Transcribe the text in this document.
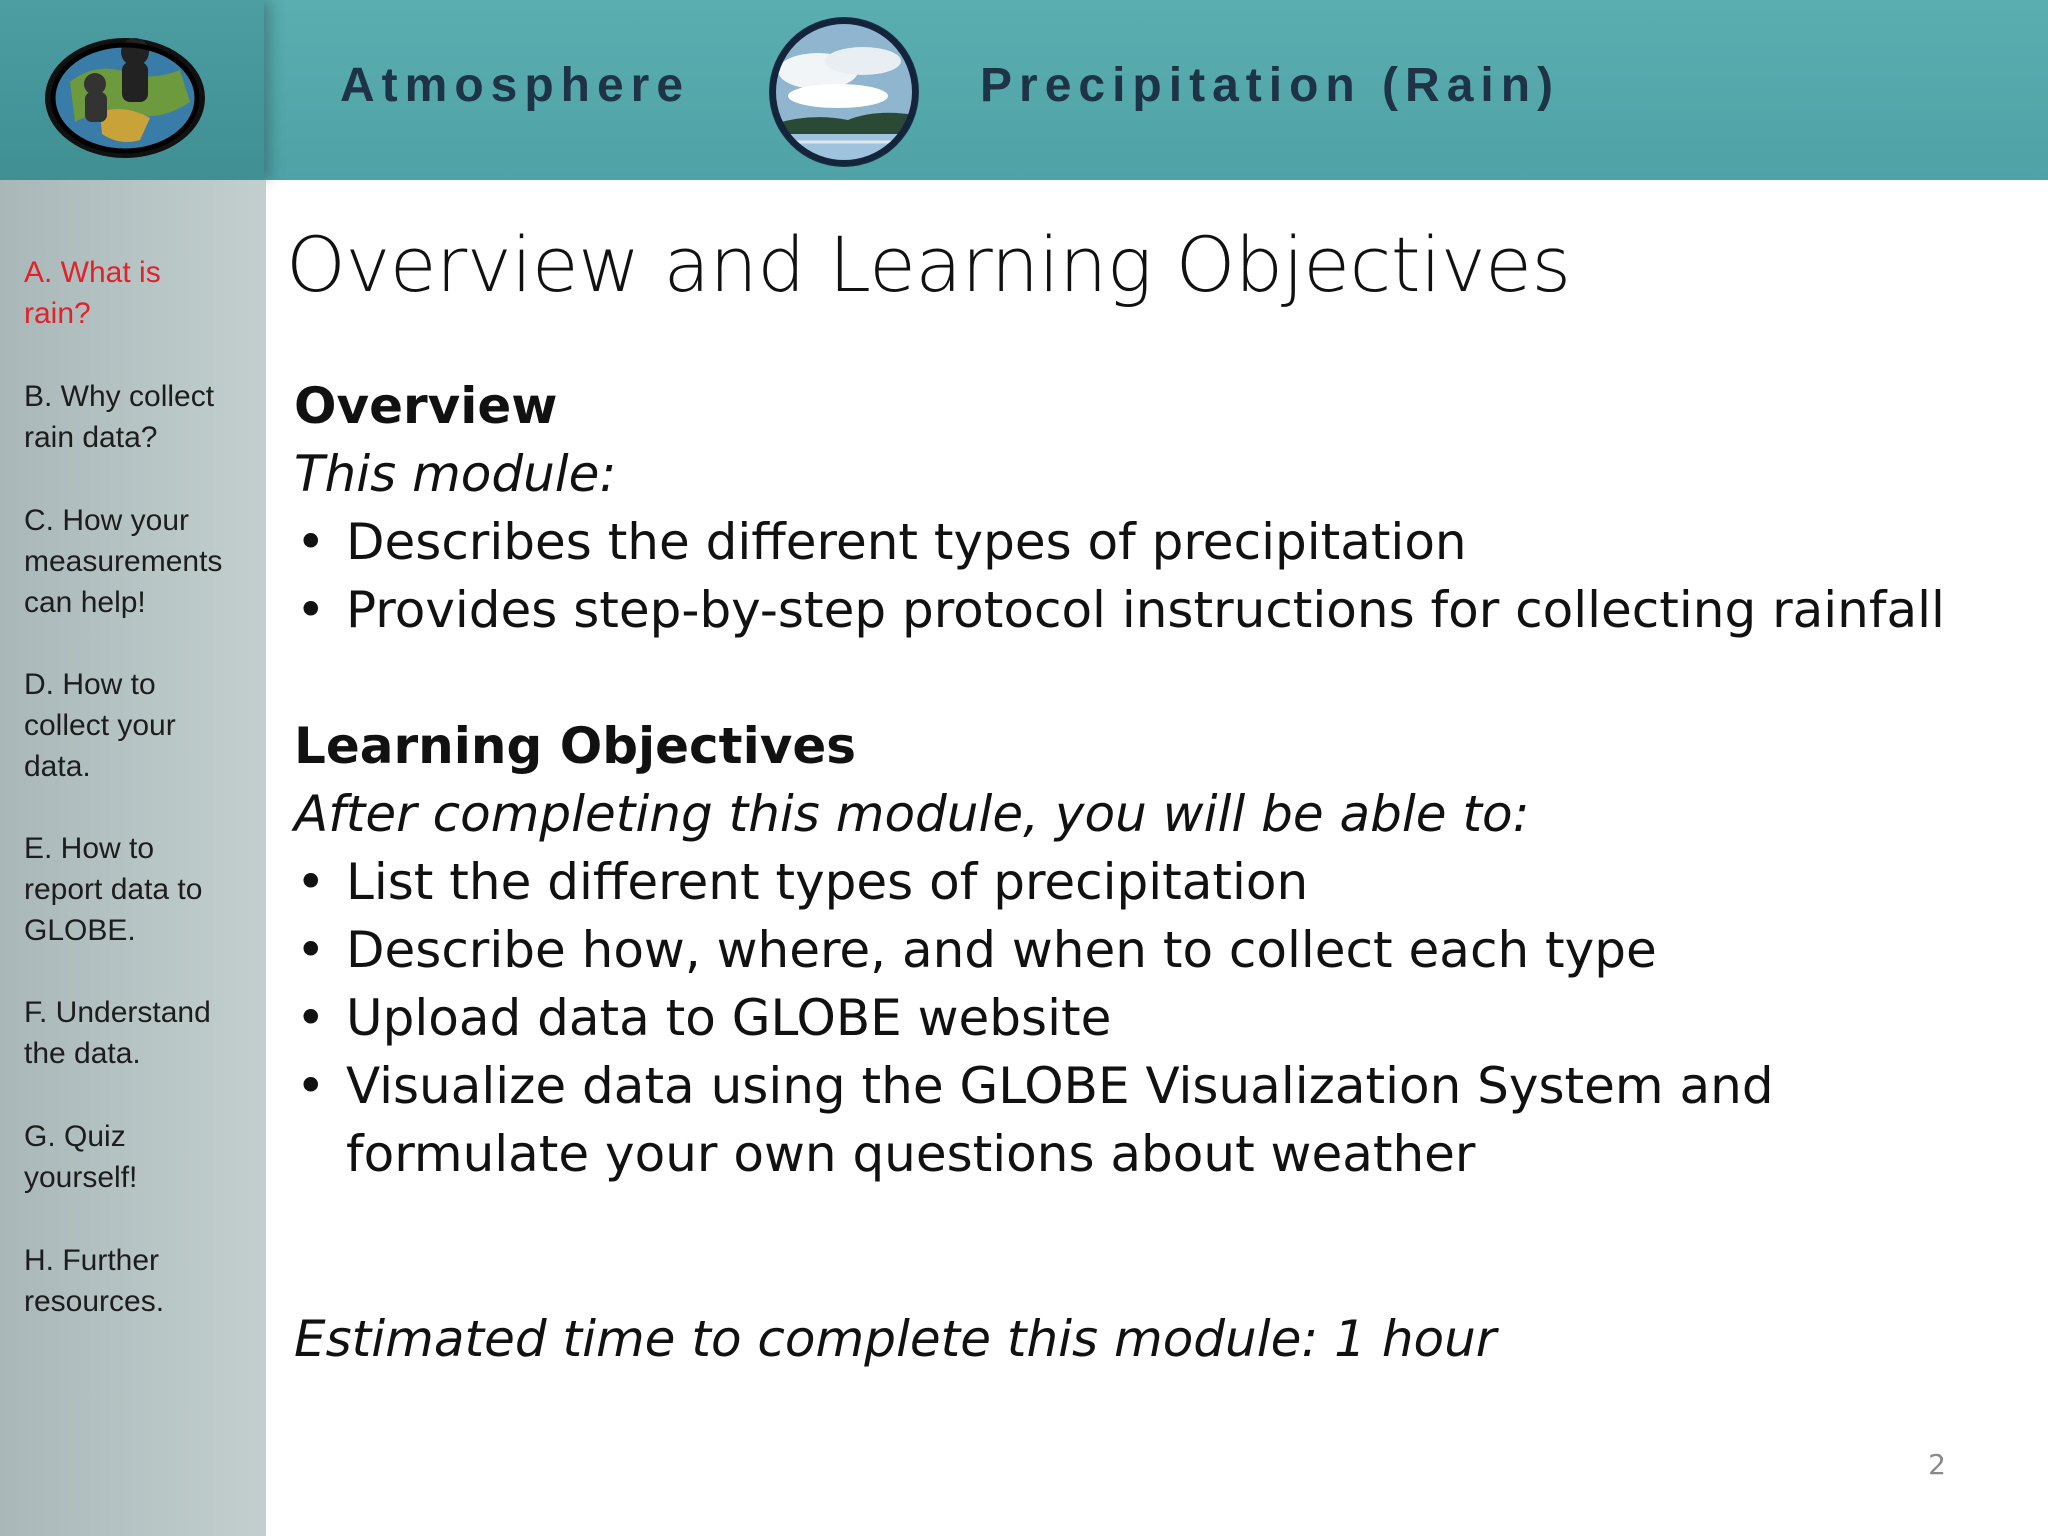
Atmosphere	Precipitation (Rain)
A. What is
rain?
B. Why collect
rain data?
C. How your
measurements
can help!
D. How to
collect your
data.
E. How to
report data to
GLOBE.
F. Understand
the data.
G. Quiz
yourself!
H. Further
resources.
Overview and Learning Objectives
Overview
This module:
• Describes the different types of precipitation
• Provides step-by-step protocol instructions for collecting rainfall
Learning Objectives
After completing this module, you will be able to:
• List the different types of precipitation
• Describe how, where, and when to collect each type
• Upload data to GLOBE website
• Visualize data using the GLOBE Visualization System and formulate your own questions about weather
Estimated time to complete this module: 1 hour
2
